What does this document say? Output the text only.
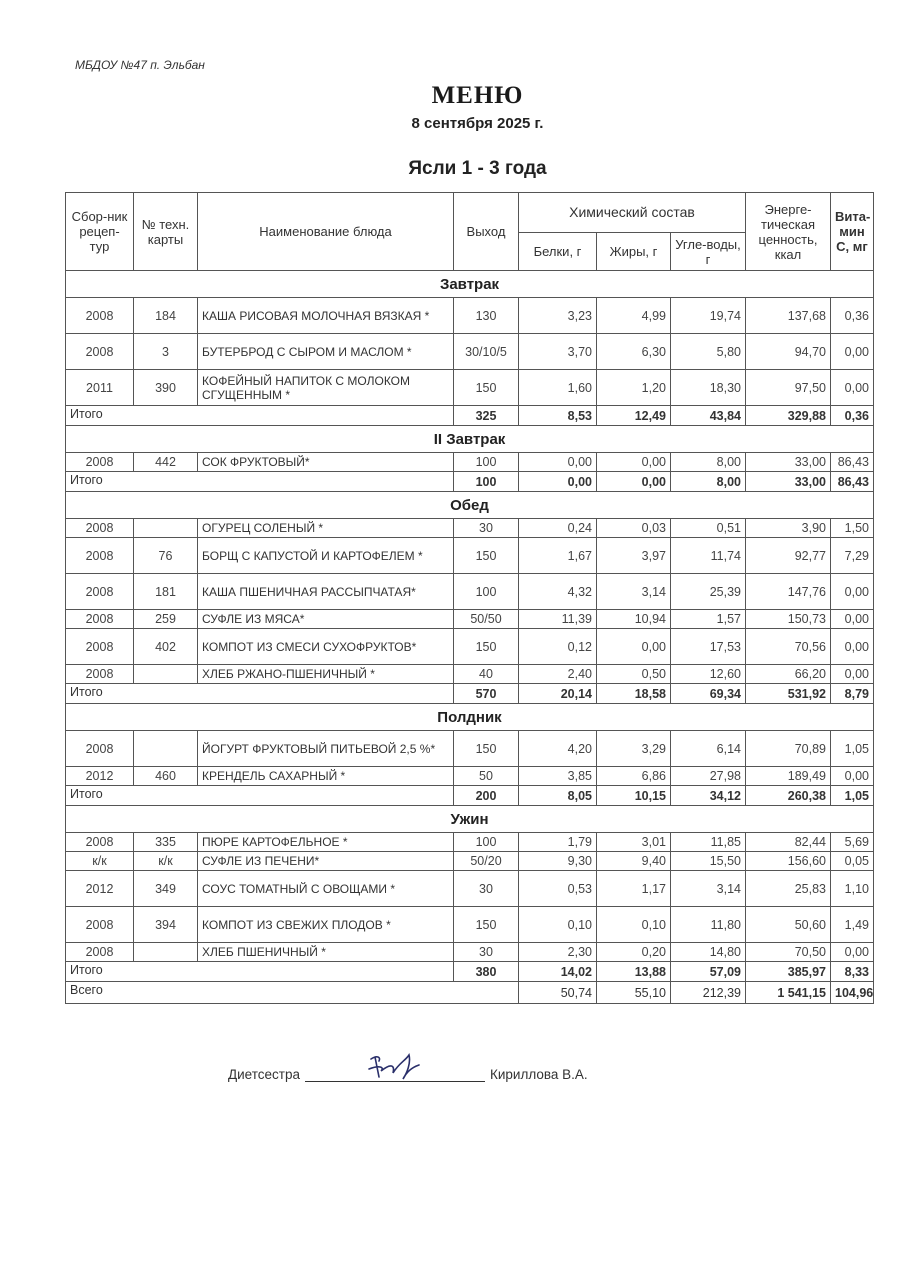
МБДОУ №47 п. Эльбан
МЕНЮ
8 сентября 2025 г.
Ясли 1 - 3 года
Сбор-ник рецеп-тур	№ техн. карты	Наименование блюда	Выход	Химический состав			Энерге-тическая ценность, ккал	Вита-мин С, мг
				Белки, г	Жиры, г	Угле-воды, г		
Завтрак								
2008	184	КАША РИСОВАЯ МОЛОЧНАЯ ВЯЗКАЯ *	130	3,23	4,99	19,74	137,68	0,36
2008	3	БУТЕРБРОД С СЫРОМ И МАСЛОМ *	30/10/5	3,70	6,30	5,80	94,70	0,00
2011	390	КОФЕЙНЫЙ НАПИТОК С МОЛОКОМ СГУЩЕННЫМ *	150	1,60	1,20	18,30	97,50	0,00
Итого			325	8,53	12,49	43,84	329,88	0,36
II Завтрак								
2008	442	СОК ФРУКТОВЫЙ*	100	0,00	0,00	8,00	33,00	86,43
Итого			100	0,00	0,00	8,00	33,00	86,43
Обед								
2008		ОГУРЕЦ СОЛЕНЫЙ *	30	0,24	0,03	0,51	3,90	1,50
2008	76	БОРЩ С КАПУСТОЙ И КАРТОФЕЛЕМ *	150	1,67	3,97	11,74	92,77	7,29
2008	181	КАША ПШЕНИЧНАЯ РАССЫПЧАТАЯ*	100	4,32	3,14	25,39	147,76	0,00
2008	259	СУФЛЕ ИЗ МЯСА*	50/50	11,39	10,94	1,57	150,73	0,00
2008	402	КОМПОТ ИЗ СМЕСИ СУХОФРУКТОВ*	150	0,12	0,00	17,53	70,56	0,00
2008		ХЛЕБ РЖАНО-ПШЕНИЧНЫЙ *	40	2,40	0,50	12,60	66,20	0,00
Итого			570	20,14	18,58	69,34	531,92	8,79
Полдник								
2008		ЙОГУРТ ФРУКТОВЫЙ ПИТЬЕВОЙ 2,5 %*	150	4,20	3,29	6,14	70,89	1,05
2012	460	КРЕНДЕЛЬ САХАРНЫЙ *	50	3,85	6,86	27,98	189,49	0,00
Итого			200	8,05	10,15	34,12	260,38	1,05
Ужин								
2008	335	ПЮРЕ КАРТОФЕЛЬНОЕ *	100	1,79	3,01	11,85	82,44	5,69
к/к	к/к	СУФЛЕ ИЗ ПЕЧЕНИ*	50/20	9,30	9,40	15,50	156,60	0,05
2012	349	СОУС ТОМАТНЫЙ С ОВОЩАМИ *	30	0,53	1,17	3,14	25,83	1,10
2008	394	КОМПОТ ИЗ СВЕЖИХ ПЛОДОВ *	150	0,10	0,10	11,80	50,60	1,49
2008		ХЛЕБ ПШЕНИЧНЫЙ *	30	2,30	0,20	14,80	70,50	0,00
Итого			380	14,02	13,88	57,09	385,97	8,33
Всего				50,74	55,10	212,39	1 541,15	104,96
Диетсестра	Кириллова В.А.
